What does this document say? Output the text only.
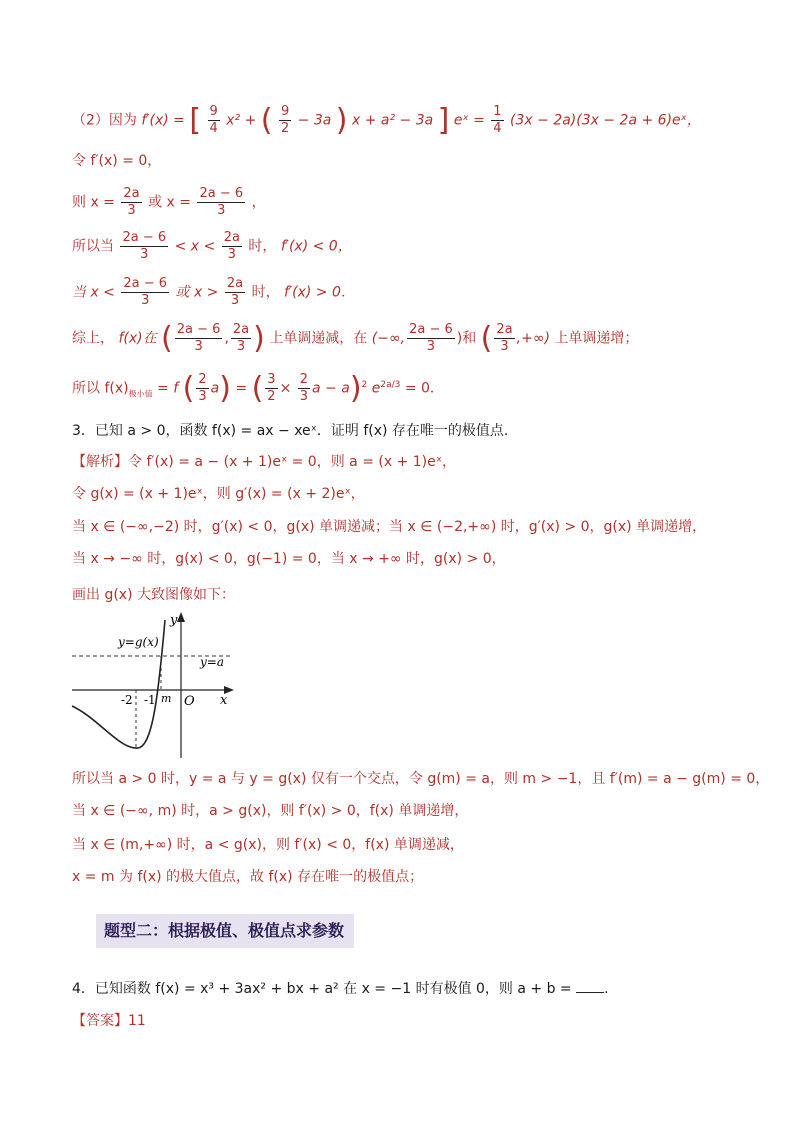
（2）因为 f′(x) = [ $\frac{9}{4} x^2$ + ( $\frac{9}{2} - 3a$ ) x + a² − 3a ] eˣ = $\frac{1}{4} (3x - 2a)(3x - 2a$ + 6)eˣ，
令 f′(x) = 0，
则 $x = \frac{2a}{3}$ 或 $x = \frac{2a - 6}{3}$ ，
所以当 $\frac{2a - 6}{3} < x < \frac{2a}{3}$ 时， f′(x) < 0，
当 $x < \frac{2a - 6}{3}$ 或 $x > \frac{2a}{3}$ 时， f′(x) > 0．
综上， f(x)在 ( $\frac{2a - 6}{3}$ , $\frac{2a}{3}$ ) 上单调递减，在 (−∞, $\frac{2a - 6}{3}$ )和 ( $\frac{2a}{3}$ ,+∞) 上单调递增；
所以 $f(x)_{极小值} = f$ ( $\frac{2}{3} a$) = ( $\frac{3}{2} \times \frac{2}{3}$ a − a)$^2$ $e^{2a/3} = 0$．
3．已知 a > 0，函数 f(x) = ax − xeˣ．证明 f(x) 存在唯一的极值点.
【解析】令 f′(x) = a − (x + 1)eˣ = 0，则 a = (x + 1)eˣ，
令 g(x) = (x + 1)eˣ，则 g′(x) = (x + 2)eˣ，
当 x ∈ (−∞,−2) 时，g′(x) < 0，g(x) 单调递减；当 x ∈ (−2,+∞) 时，g′(x) > 0，g(x) 单调递增，
当 x → −∞ 时，g(x) < 0，g(−1) = 0，当 x → +∞ 时，g(x) > 0，
画出 g(x) 大致图像如下：
y
x
O
y=g(x)
y=a
-2 -1 m
所以当 a > 0 时，y = a 与 y = g(x) 仅有一个交点，令 g(m) = a，则 m > −1，且 f′(m) = a − g(m) = 0，
当 x ∈ (−∞, m) 时，a > g(x)，则 f′(x) > 0，f(x) 单调递增，
当 x ∈ (m,+∞) 时，a < g(x)，则 f′(x) < 0，f(x) 单调递减，
x = m 为 f(x) 的极大值点，故 f(x) 存在唯一的极值点；
题型二：根据极值、极值点求参数
4．已知函数 f(x) = x³ + 3ax² + bx + a² 在 x = −1 时有极值 0，则 a + b = .
【答案】11
